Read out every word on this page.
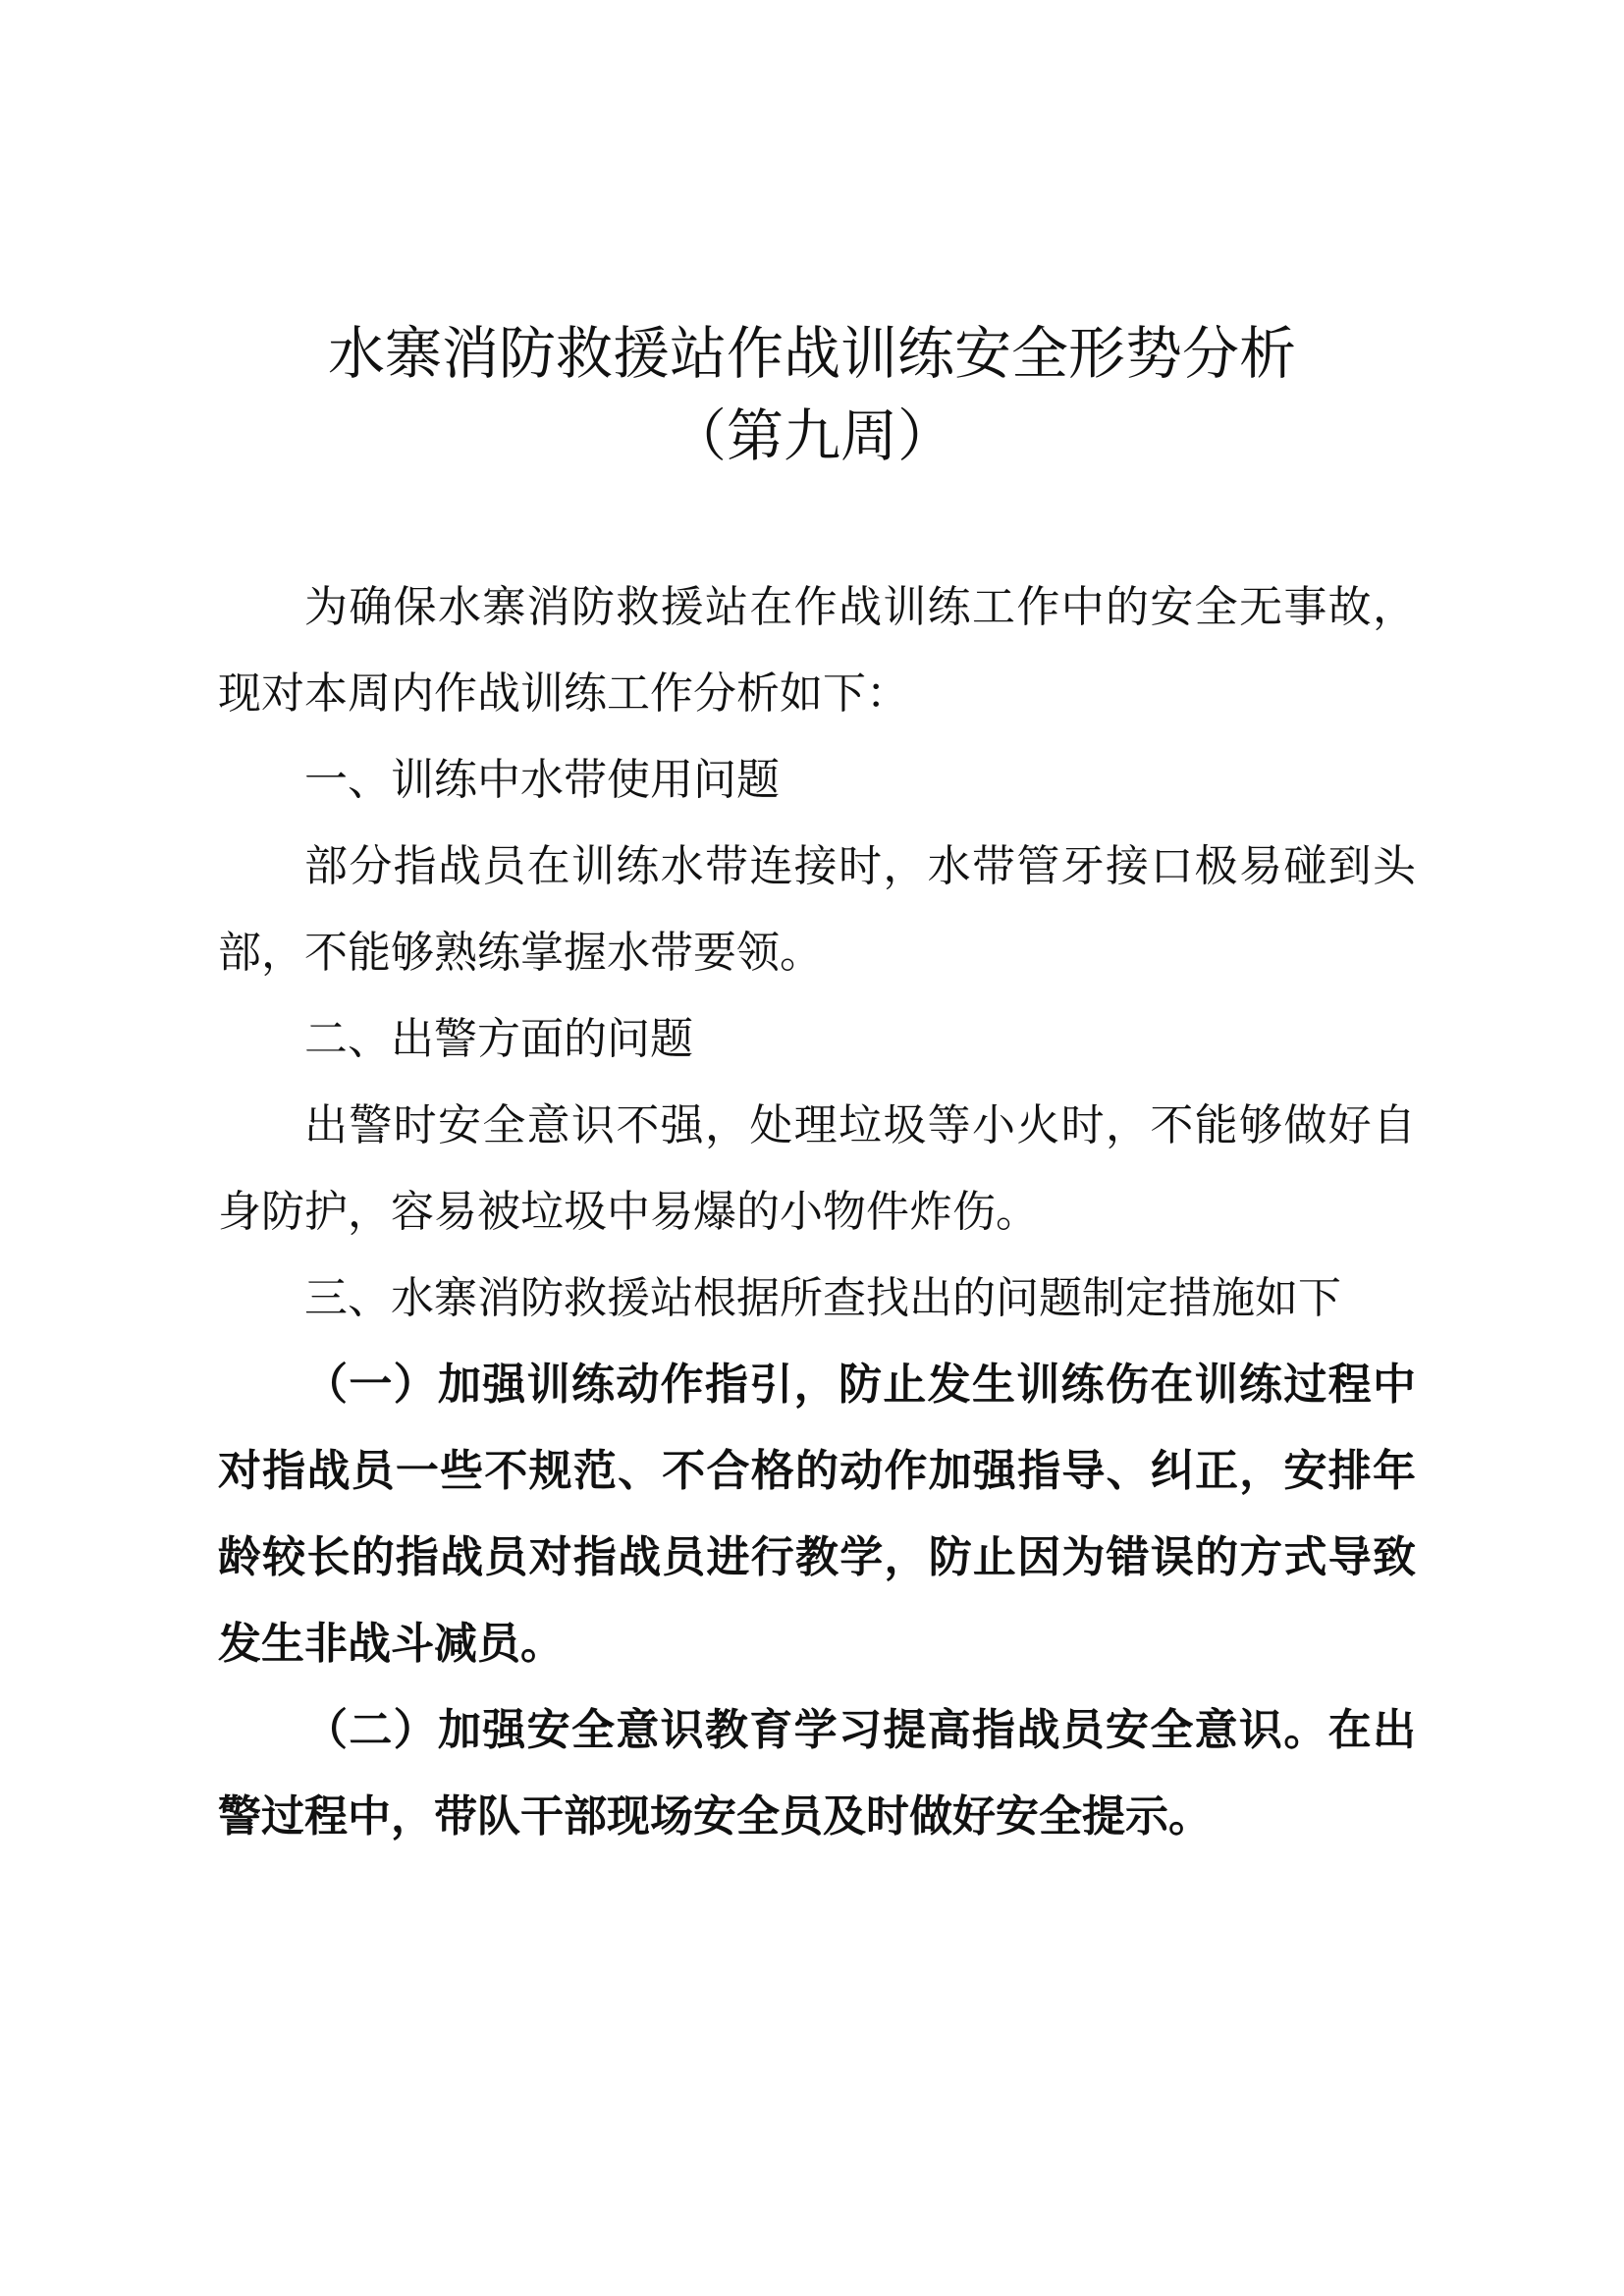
水寨消防救援站作战训练安全形势分析
（第九周）

为确保水寨消防救援站在作战训练工作中的安全无事故，现对本周内作战训练工作分析如下：

一、训练中水带使用问题

部分指战员在训练水带连接时，水带管牙接口极易碰到头部，不能够熟练掌握水带要领。

二、出警方面的问题

出警时安全意识不强，处理垃圾等小火时，不能够做好自身防护，容易被垃圾中易爆的小物件炸伤。

三、水寨消防救援站根据所查找出的问题制定措施如下

（一）加强训练动作指引，防止发生训练伤在训练过程中对指战员一些不规范、不合格的动作加强指导、纠正，安排年龄较长的指战员对指战员进行教学，防止因为错误的方式导致发生非战斗减员。

（二）加强安全意识教育学习提高指战员安全意识。在出警过程中，带队干部现场安全员及时做好安全提示。
